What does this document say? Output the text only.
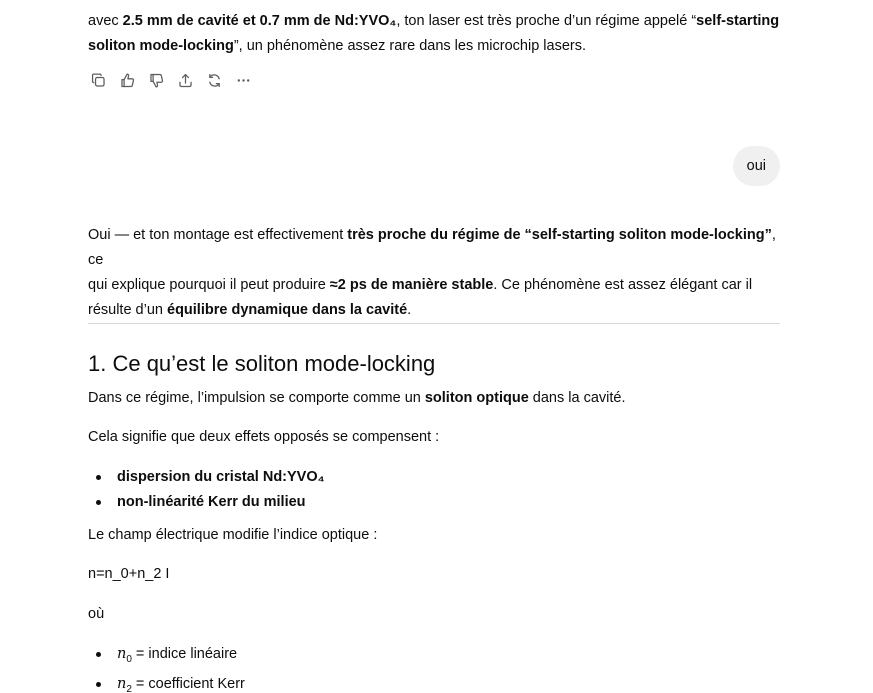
avec 2.5 mm de cavité et 0.7 mm de Nd:YVO₄, ton laser est très proche d’un régime appelé “self-starting
soliton mode-locking”, un phénomène assez rare dans les microchip lasers.

oui

Oui — et ton montage est effectivement très proche du régime de “self-starting soliton mode-locking”, ce
qui explique pourquoi il peut produire ≈2 ps de manière stable. Ce phénomène est assez élégant car il
résulte d’un équilibre dynamique dans la cavité.

1. Ce qu’est le soliton mode-locking

Dans ce régime, l’impulsion se comporte comme un soliton optique dans la cavité.

Cela signifie que deux effets opposés se compensent :

dispersion du cristal Nd:YVO₄
non-linéarité Kerr du milieu

Le champ électrique modifie l’indice optique :

n=n_0+n_2 I

où

$n_0$ = indice linéaire
$n_2$ = coefficient Kerr
